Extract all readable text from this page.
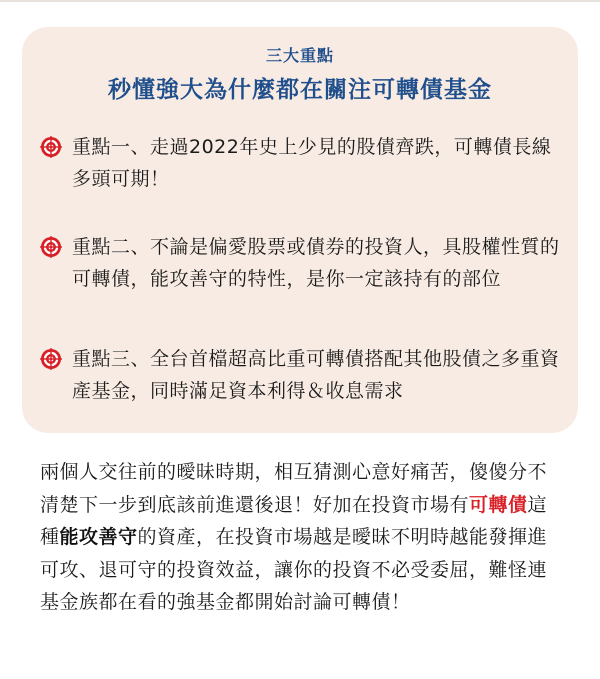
三大重點
秒懂強大為什麼都在關注可轉債基金
重點一、走過2022年史上少見的股債齊跌，可轉債長線多頭可期！
重點二、不論是偏愛股票或債券的投資人，具股權性質的可轉債，能攻善守的特性，是你一定該持有的部位
重點三、全台首檔超高比重可轉債搭配其他股債之多重資產基金，同時滿足資本利得＆收息需求
兩個人交往前的曖昧時期，相互猜測心意好痛苦，傻傻分不清楚下一步到底該前進還後退！好加在投資市場有可轉債這種能攻善守的資產，在投資市場越是曖昧不明時越能發揮進可攻、退可守的投資效益，讓你的投資不必受委屈，難怪連基金族都在看的強基金都開始討論可轉債！
